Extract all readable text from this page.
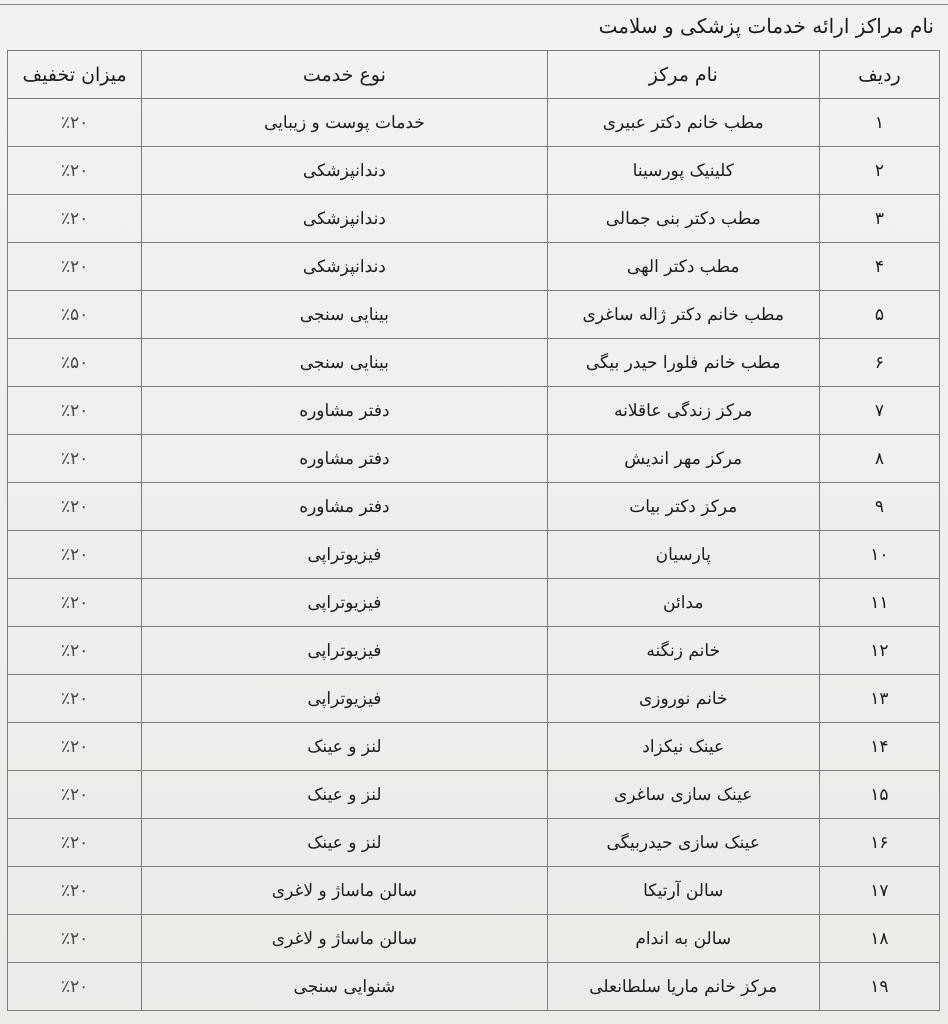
نام مراکز ارائه خدمات پزشکی و سلامت
ردیف	نام مرکز	نوع خدمت	میزان تخفیف
۱	مطب خانم دکتر عبیری	خدمات پوست و زیبایی	٪۲۰
۲	کلینیک پورسینا	دندانپزشکی	٪۲۰
۳	مطب دکتر بنی جمالی	دندانپزشکی	٪۲۰
۴	مطب دکتر الهی	دندانپزشکی	٪۲۰
۵	مطب خانم دکتر ژاله ساغری	بینایی سنجی	٪۵۰
۶	مطب خانم فلورا حیدر بیگی	بینایی سنجی	٪۵۰
۷	مرکز زندگی عاقلانه	دفتر مشاوره	٪۲۰
۸	مرکز مهر اندیش	دفتر مشاوره	٪۲۰
۹	مرکز دکتر بیات	دفتر مشاوره	٪۲۰
۱۰	پارسیان	فیزیوتراپی	٪۲۰
۱۱	مدائن	فیزیوتراپی	٪۲۰
۱۲	خانم زنگنه	فیزیوتراپی	٪۲۰
۱۳	خانم نوروزی	فیزیوتراپی	٪۲۰
۱۴	عینک نیکزاد	لنز و عینک	٪۲۰
۱۵	عینک سازی ساغری	لنز و عینک	٪۲۰
۱۶	عینک سازی حیدربیگی	لنز و عینک	٪۲۰
۱۷	سالن آرتیکا	سالن ماساژ و لاغری	٪۲۰
۱۸	سالن به اندام	سالن ماساژ و لاغری	٪۲۰
۱۹	مرکز خانم ماریا سلطانعلی	شنوایی سنجی	٪۲۰
